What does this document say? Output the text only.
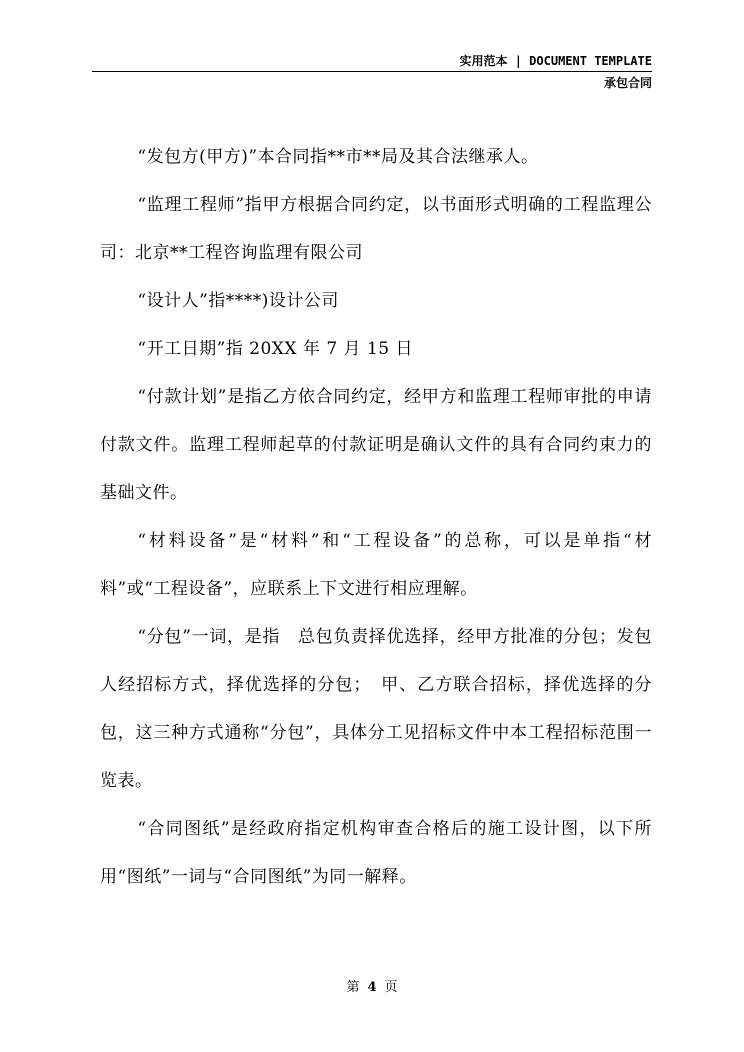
实用范本 | DOCUMENT TEMPLATE
承包合同

“发包方(甲方)”本合同指**市**局及其合法继承人。

“监理工程师”指甲方根据合同约定，以书面形式明确的工程监理公司：北京**工程咨询监理有限公司

“设计人”指****)设计公司

“开工日期”指 20XX 年 7 月 15 日

“付款计划”是指乙方依合同约定，经甲方和监理工程师审批的申请付款文件。监理工程师起草的付款证明是确认文件的具有合同约束力的基础文件。

“材料设备”是“材料”和“工程设备”的总称，可以是单指“材料”或“工程设备”，应联系上下文进行相应理解。

“分包”一词，是指　总包负责择优选择，经甲方批准的分包；发包人经招标方式，择优选择的分包；　甲、乙方联合招标，择优选择的分包，这三种方式通称“分包”，具体分工见招标文件中本工程招标范围一览表。

“合同图纸”是经政府指定机构审查合格后的施工设计图，以下所用“图纸”一词与“合同图纸”为同一解释。

第 4 页
